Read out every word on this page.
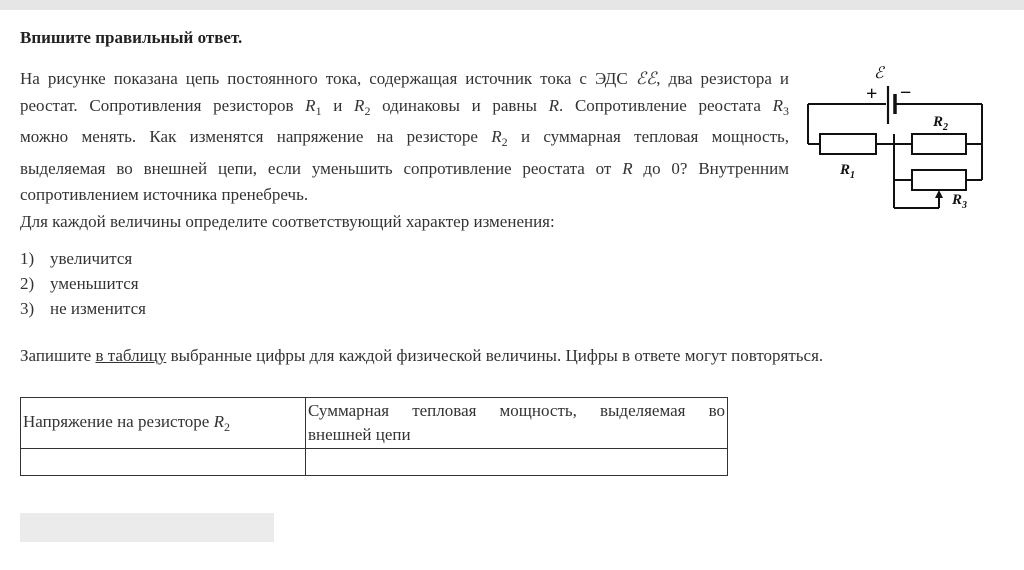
Впишите правильный ответ.
На рисунке показана цепь постоянного тока, содержащая источник тока с ЭДС ℰℰ, два резистора и
реостат. Сопротивления резисторов $R_1$ и $R_2$ одинаковы и равны R. Сопротивление реостата $R_3$
можно менять. Как изменятся напряжение на резисторе $R_2$ и суммарная тепловая мощность,
выделяемая во внешней цепи, если уменьшить сопротивление реостата от R до 0? Внутренним
сопротивлением источника пренебречь.
Для каждой величины определите соответствующий характер изменения:
1) увеличится
2) уменьшится
3) не изменится
Запишите в таблицу выбранные цифры для каждой физической величины. Цифры в ответе могут повторяться.
Напряжение на резисторе $R_2$	Суммарная тепловая мощность, выделяемая во
внешней цепи

ℰ
+ −
$R_1$
$R_2$
$R_3$
